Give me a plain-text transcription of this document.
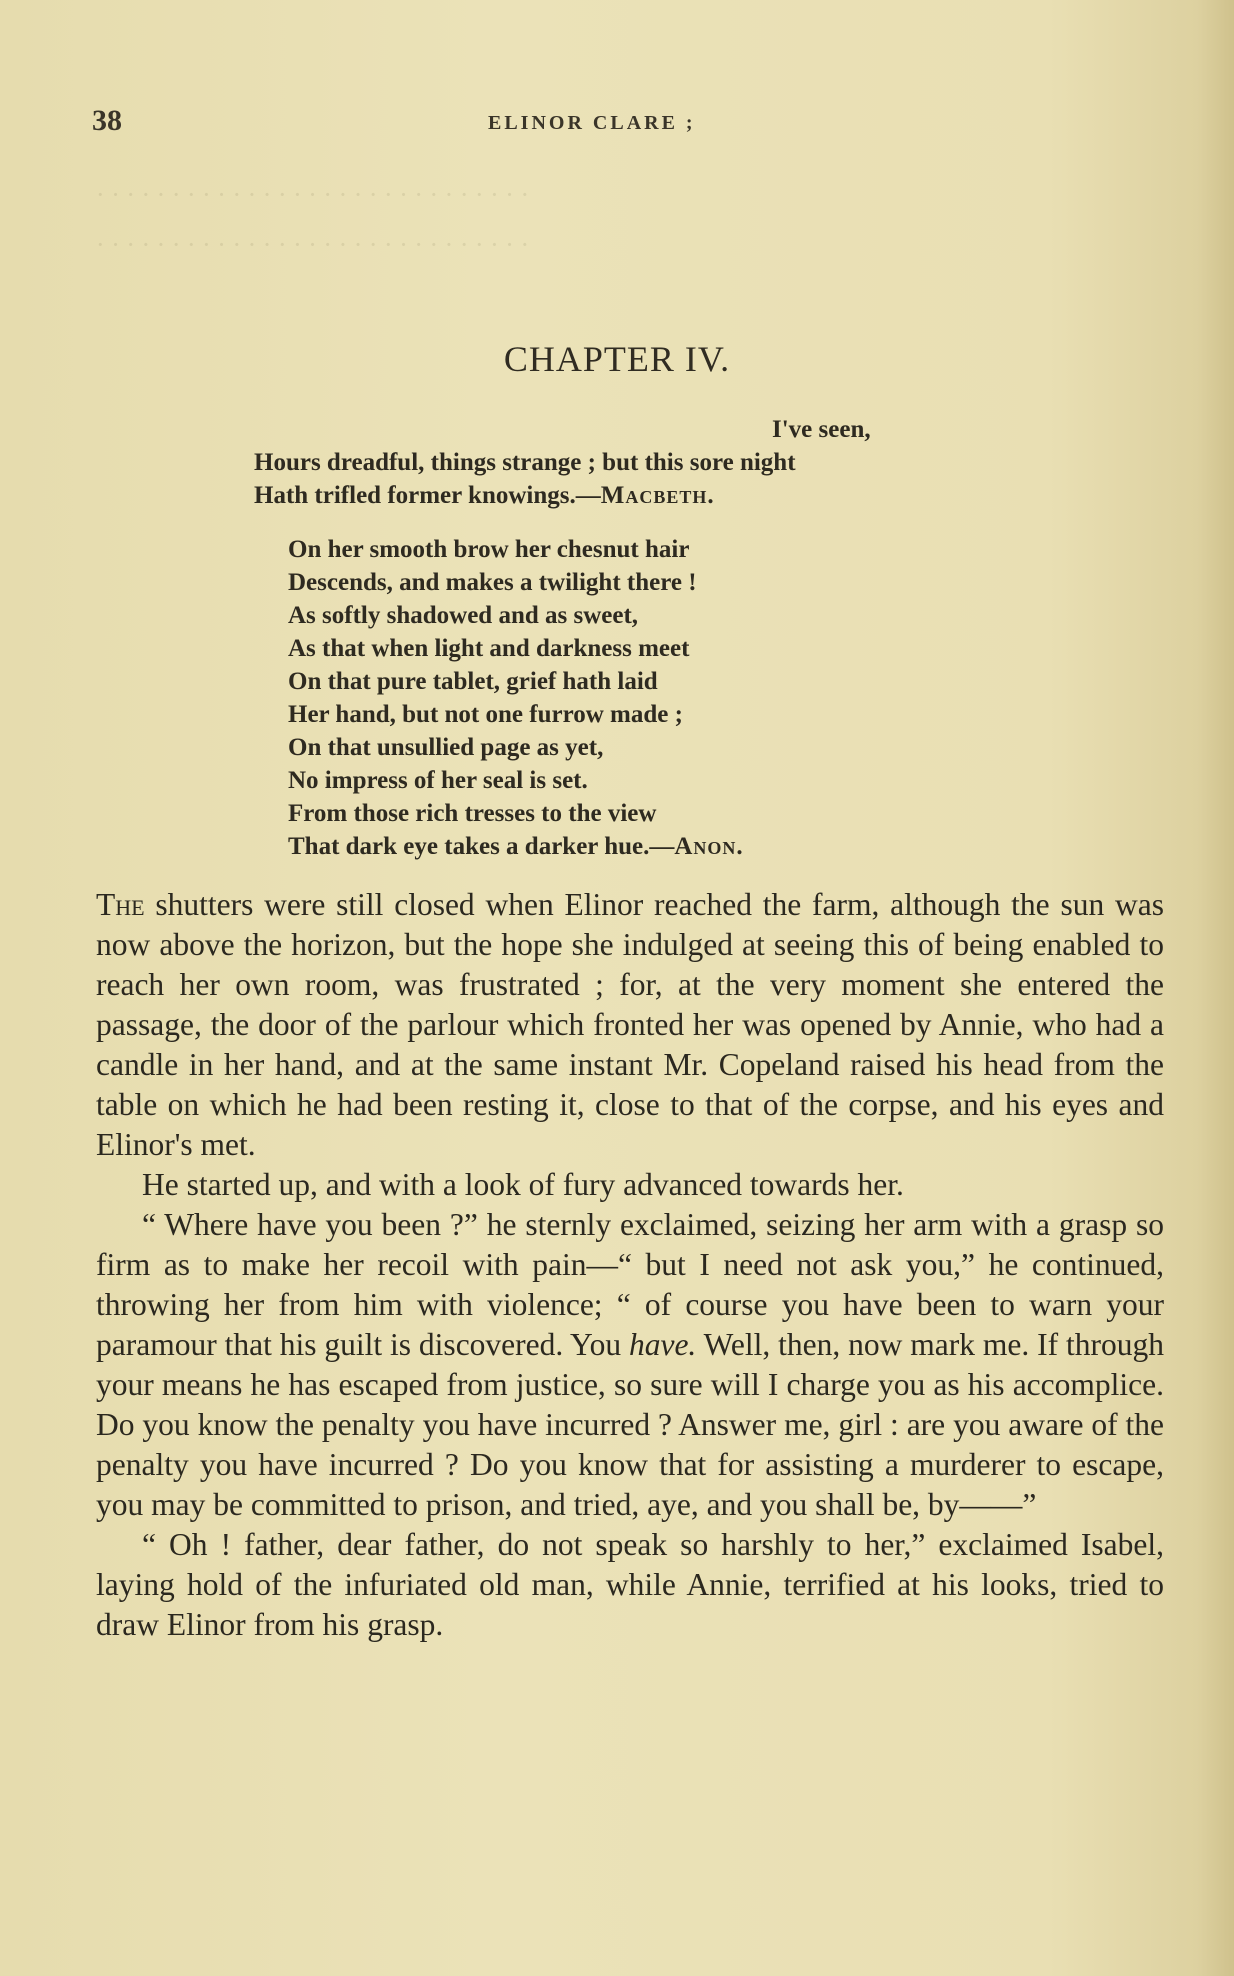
· · · · · · · · · · · · · · · · · · · · · · · · · · · · ·
· · · · · · · · · · · · · · · · · · · · · · · · · · · · ·
38	ELINOR CLARE ;
CHAPTER IV.
I've seen,
Hours dreadful, things strange ; but this sore night
Hath trifled former knowings.—Macbeth.
On her smooth brow her chesnut hair
Descends, and makes a twilight there !
As softly shadowed and as sweet,
As that when light and darkness meet
On that pure tablet, grief hath laid
Her hand, but not one furrow made ;
On that unsullied page as yet,
No impress of her seal is set.
From those rich tresses to the view
That dark eye takes a darker hue.—Anon.

The shutters were still closed when Elinor reached the farm, although the sun was now above the horizon, but the hope she indulged at seeing this of being enabled to reach her own room, was frustrated ; for, at the very moment she entered the passage, the door of the parlour which fronted her was opened by Annie, who had a candle in her hand, and at the same instant Mr. Copeland raised his head from the table on which he had been resting it, close to that of the corpse, and his eyes and Elinor's met.

He started up, and with a look of fury advanced towards her.

“ Where have you been ?” he sternly exclaimed, seizing her arm with a grasp so firm as to make her recoil with pain—“ but I need not ask you,” he continued, throwing her from him with violence; “ of course you have been to warn your paramour that his guilt is discovered. You have. Well, then, now mark me. If through your means he has escaped from justice, so sure will I charge you as his accomplice. Do you know the penalty you have incurred ? Answer me, girl : are you aware of the penalty you have incurred ? Do you know that for assisting a murderer to escape, you may be committed to prison, and tried, aye, and you shall be, by——”

“ Oh ! father, dear father, do not speak so harshly to her,” exclaimed Isabel, laying hold of the infuriated old man, while Annie, terrified at his looks, tried to draw Elinor from his grasp.
